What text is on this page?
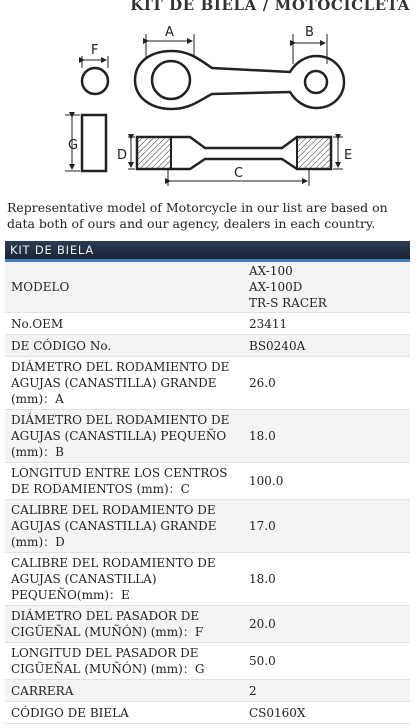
KIT DE BIELA / MOTOCICLETA
F
A	B
G
D	E
C
Representative model of Motorcycle in our list are based on data both of ours and our agency, dealers in each country.
KIT DE BIELA
MODELO	AX-100
AX-100D
TR-S RACER

No.OEM	23411
DE CÓDIGO No.	BS0240A
DIÁMETRO DEL RODAMIENTO DE AGUJAS (CANASTILLA) GRANDE (mm)：A	26.0
DIÁMETRO DEL RODAMIENTO DE AGUJAS (CANASTILLA) PEQUEÑO (mm)：B	18.0
LONGITUD ENTRE LOS CENTROS DE RODAMIENTOS (mm)：C	100.0
CALIBRE DEL RODAMIENTO DE AGUJAS (CANASTILLA) GRANDE (mm)：D	17.0
CALIBRE DEL RODAMIENTO DE AGUJAS (CANASTILLA) PEQUEÑO(mm)：E	18.0
DIÁMETRO DEL PASADOR DE CIGÜEÑAL (MUÑÓN) (mm)：F	20.0
LONGITUD DEL PASADOR DE CIGÜEÑAL (MUÑÓN) (mm)：G	50.0
CARRERA	2
CÓDIGO DE BIELA	CS0160X
